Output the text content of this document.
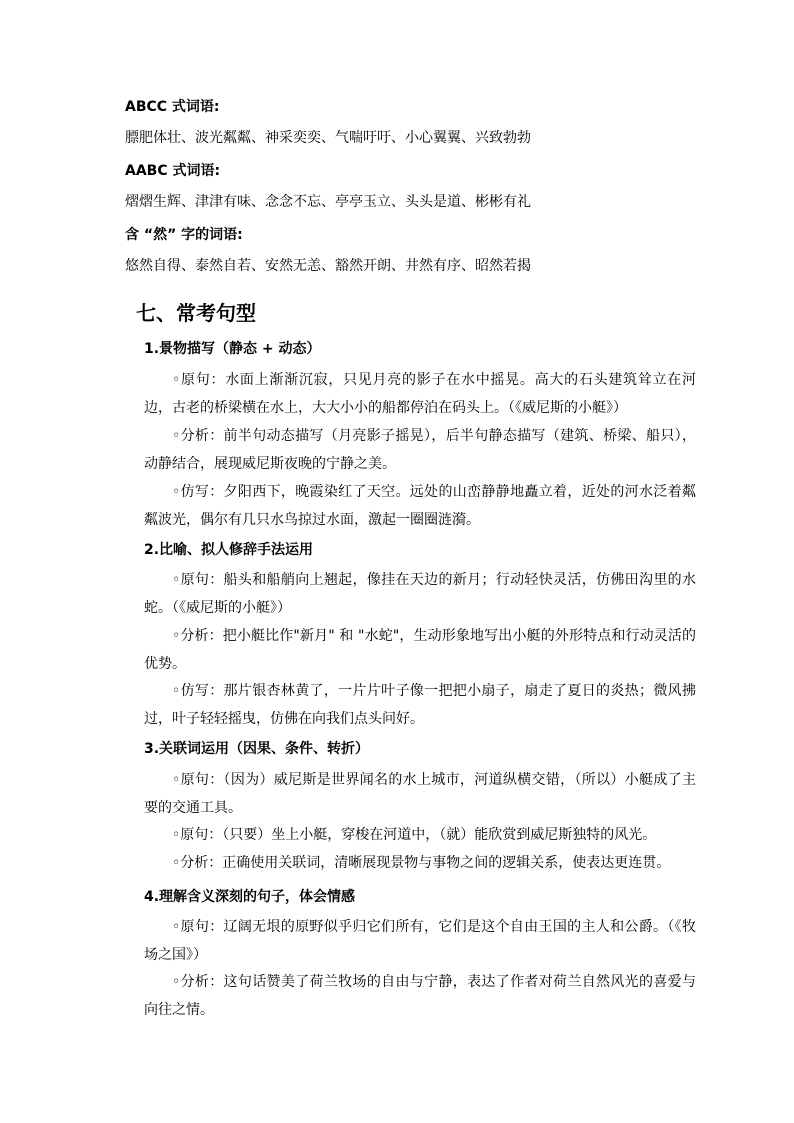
ABCC 式词语:
膘肥体壮、波光粼粼、神采奕奕、气喘吁吁、小心翼翼、兴致勃勃
AABC 式词语:
熠熠生辉、津津有味、念念不忘、亭亭玉立、头头是道、彬彬有礼
含 “然” 字的词语:
悠然自得、泰然自若、安然无恙、豁然开朗、井然有序、昭然若揭
七、常考句型
1.景物描写（静态 + 动态）
◦原句：水面上渐渐沉寂，只见月亮的影子在水中摇晃。高大的石头建筑耸立在河边，古老的桥梁横在水上，大大小小的船都停泊在码头上。（《威尼斯的小艇》）
◦分析：前半句动态描写（月亮影子摇晃），后半句静态描写（建筑、桥梁、船只），动静结合，展现威尼斯夜晚的宁静之美。
◦仿写：夕阳西下，晚霞染红了天空。远处的山峦静静地矗立着，近处的河水泛着粼粼波光，偶尔有几只水鸟掠过水面，激起一圈圈涟漪。
2.比喻、拟人修辞手法运用
◦原句：船头和船艄向上翘起，像挂在天边的新月；行动轻快灵活，仿佛田沟里的水蛇。（《威尼斯的小艇》）
◦分析：把小艇比作"新月" 和 "水蛇"，生动形象地写出小艇的外形特点和行动灵活的优势。
◦仿写：那片银杏林黄了，一片片叶子像一把把小扇子，扇走了夏日的炎热；微风拂过，叶子轻轻摇曳，仿佛在向我们点头问好。
3.关联词运用（因果、条件、转折）
◦原句：（因为）威尼斯是世界闻名的水上城市，河道纵横交错，（所以）小艇成了主要的交通工具。
◦原句：（只要）坐上小艇，穿梭在河道中，（就）能欣赏到威尼斯独特的风光。
◦分析：正确使用关联词，清晰展现景物与事物之间的逻辑关系，使表达更连贯。
4.理解含义深刻的句子，体会情感
◦原句：辽阔无垠的原野似乎归它们所有，它们是这个自由王国的主人和公爵。（《牧场之国》）
◦分析：这句话赞美了荷兰牧场的自由与宁静，表达了作者对荷兰自然风光的喜爱与向往之情。
